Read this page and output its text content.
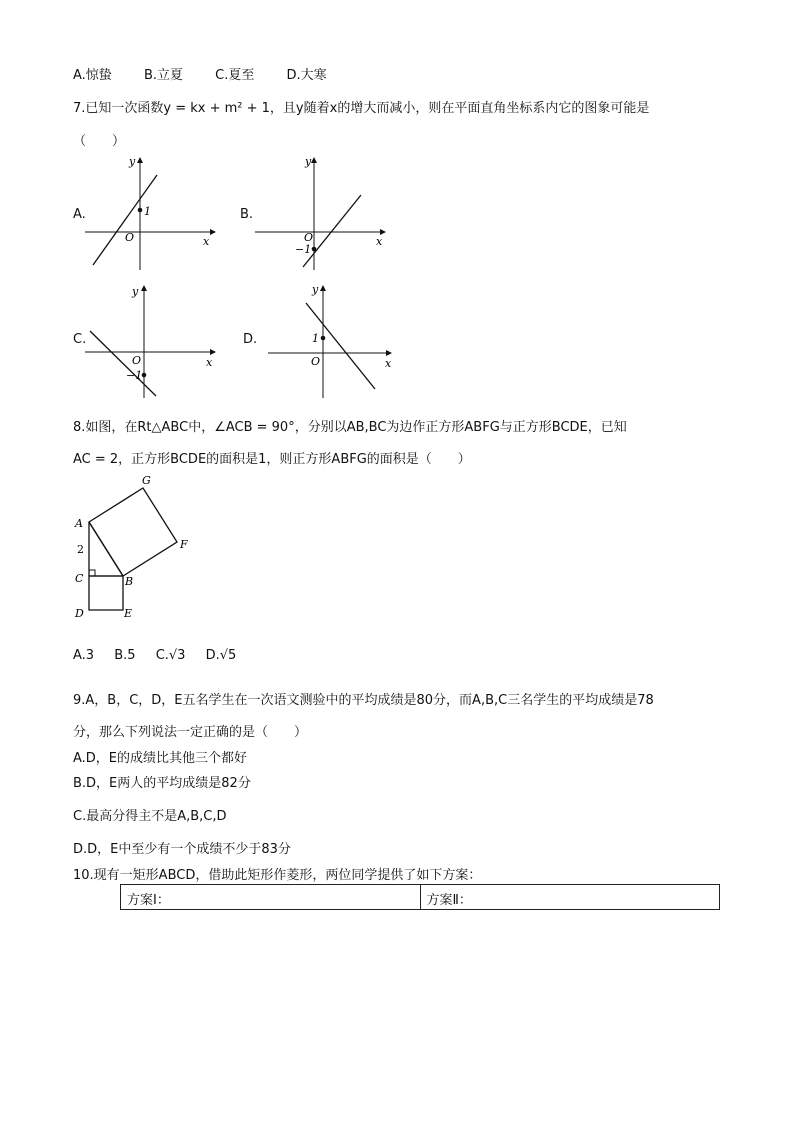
A.惊蛰 B.立夏 C.夏至 D.大寒
7.已知一次函数y = kx + m² + 1，且y随着x的增大而减小，则在平面直角坐标系内它的图象可能是
（　　）
A.
y
x
O
1	B.
y
x
O
−1
C.
y
x
O
−1
D.
y
x
O
1
8.如图，在Rt△ABC中，∠ACB = 90°，分别以AB,BC为边作正方形ABFG与正方形BCDE，已知
AC = 2，正方形BCDE的面积是1，则正方形ABFG的面积是（　　）
G
A
F
2
C	B
D	E
A.3 B.5 C.√3 D.√5
9.A，B，C，D，E五名学生在一次语文测验中的平均成绩是80分，而A,B,C三名学生的平均成绩是78
分，那么下列说法一定正确的是（　　）
A.D，E的成绩比其他三个都好
B.D，E两人的平均成绩是82分
C.最高分得主不是A,B,C,D
D.D，E中至少有一个成绩不少于83分
10.现有一矩形ABCD，借助此矩形作菱形，两位同学提供了如下方案：
方案Ⅰ：	方案Ⅱ：
